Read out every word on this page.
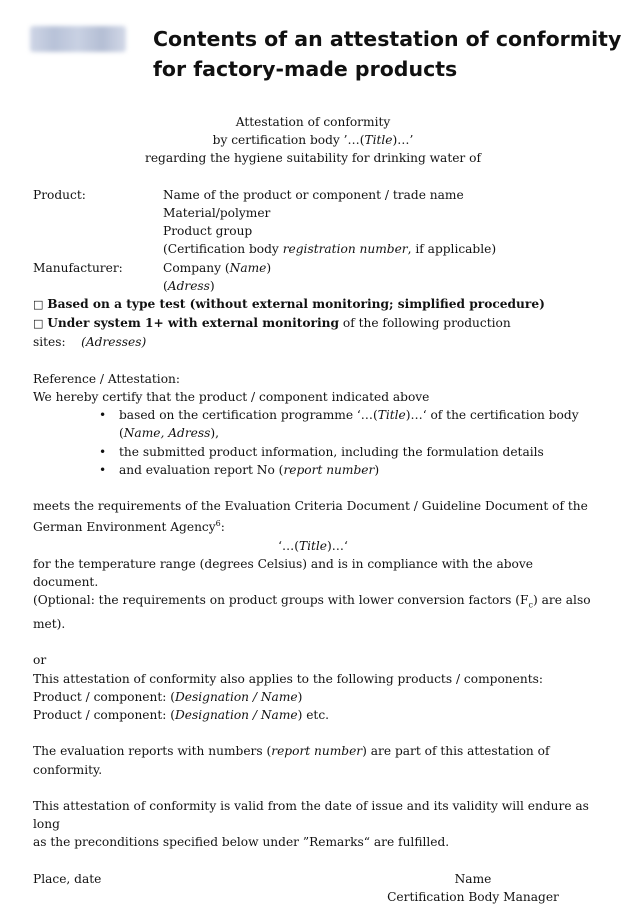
Contents of an attestation of conformity
for factory-made products
Attestation of conformity
by certification body ’…(Title)…’
regarding the hygiene suitability for drinking water of
Product:	Name of the product or component / trade name
Material/polymer
Product group
(Certification body registration number, if applicable)
Manufacturer:	Company (Name)
(Adress)
□ Based on a type test (without external monitoring; simplified procedure)
□ Under system 1+ with external monitoring of the following production sites: (Adresses)
Reference / Attestation:
We hereby certify that the product / component indicated above
•	based on the certification programme ‘…(Title)…‘ of the certification body
(Name, Adress),
•	the submitted product information, including the formulation details
•	and evaluation report No (report number)
meets the requirements of the Evaluation Criteria Document / Guideline Document of the
German Environment Agency$^6$:
‘…(Title)…‘
for the temperature range (degrees Celsius) and is in compliance with the above document.
(Optional: the requirements on product groups with lower conversion factors $(F_c)$ are also met).
or
This attestation of conformity also applies to the following products / components:
Product / component: (Designation / Name)
Product / component: (Designation / Name) etc.
The evaluation reports with numbers (report number) are part of this attestation of conformity.
This attestation of conformity is valid from the date of issue and its validity will endure as long
as the preconditions specified below under ”Remarks“ are fulfilled.
Place, date	Name
Certification Body Manager
